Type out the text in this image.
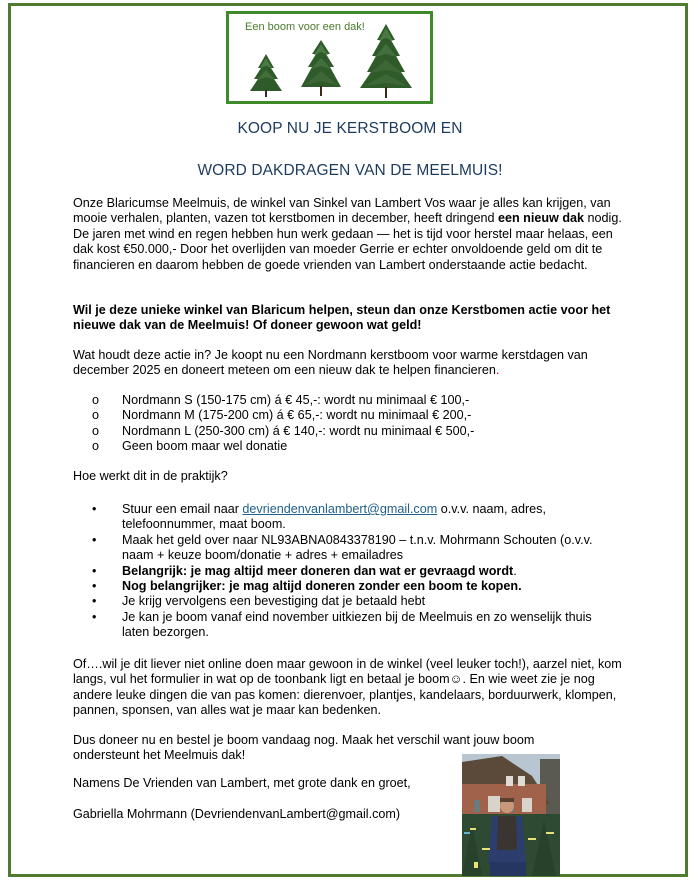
Een boom voor een dak!
KOOP NU JE KERSTBOOM EN
WORD DAKDRAGEN VAN DE MEELMUIS!
Onze Blaricumse Meelmuis, de winkel van Sinkel van Lambert Vos waar je alles kan krijgen, van mooie verhalen, planten, vazen tot kerstbomen in december, heeft dringend een nieuw dak nodig. De jaren met wind en regen hebben hun werk gedaan — het is tijd voor herstel maar helaas, een dak kost €50.000,- Door het overlijden van moeder Gerrie er echter onvoldoende geld om dit te financieren en daarom hebben de goede vrienden van Lambert onderstaande actie bedacht.
Wil je deze unieke winkel van Blaricum helpen, steun dan onze Kerstbomen actie voor het nieuwe dak van de Meelmuis! Of doneer gewoon wat geld!
Wat houdt deze actie in? Je koopt nu een Nordmann kerstboom voor warme kerstdagen van december 2025 en doneert meteen om een nieuw dak te helpen financieren.
o	Nordmann S (150-175 cm) á € 45,-: wordt nu minimaal € 100,-
o	Nordmann M (175-200 cm) á € 65,-: wordt nu minimaal € 200,-
o	Nordmann L (250-300 cm) á € 140,-: wordt nu minimaal € 500,-
o	Geen boom maar wel donatie
Hoe werkt dit in de praktijk?
•	Stuur een email naar devriendenvanlambert@gmail.com o.v.v. naam, adres, telefoonnummer, maat boom.
•	Maak het geld over naar NL93ABNA0843378190 – t.n.v. Mohrmann Schouten (o.v.v. naam + keuze boom/donatie + adres + emailadres
•	Belangrijk: je mag altijd meer doneren dan wat er gevraagd wordt.
•	Nog belangrijker: je mag altijd doneren zonder een boom te kopen.
•	Je krijg vervolgens een bevestiging dat je betaald hebt
•	Je kan je boom vanaf eind november uitkiezen bij de Meelmuis en zo wenselijk thuis laten bezorgen.
Of….wil je dit liever niet online doen maar gewoon in de winkel (veel leuker toch!), aarzel niet, kom langs, vul het formulier in wat op de toonbank ligt en betaal je boom☺. En wie weet zie je nog andere leuke dingen die van pas komen: dierenvoer, plantjes, kandelaars, borduurwerk, klompen, pannen, sponsen, van alles wat je maar kan bedenken.
Dus doneer nu en bestel je boom vandaag nog. Maak het verschil want jouw boom ondersteunt het Meelmuis dak!
Namens De Vrienden van Lambert, met grote dank en groet,
Gabriella Mohrmann (DevriendenvanLambert@gmail.com)
